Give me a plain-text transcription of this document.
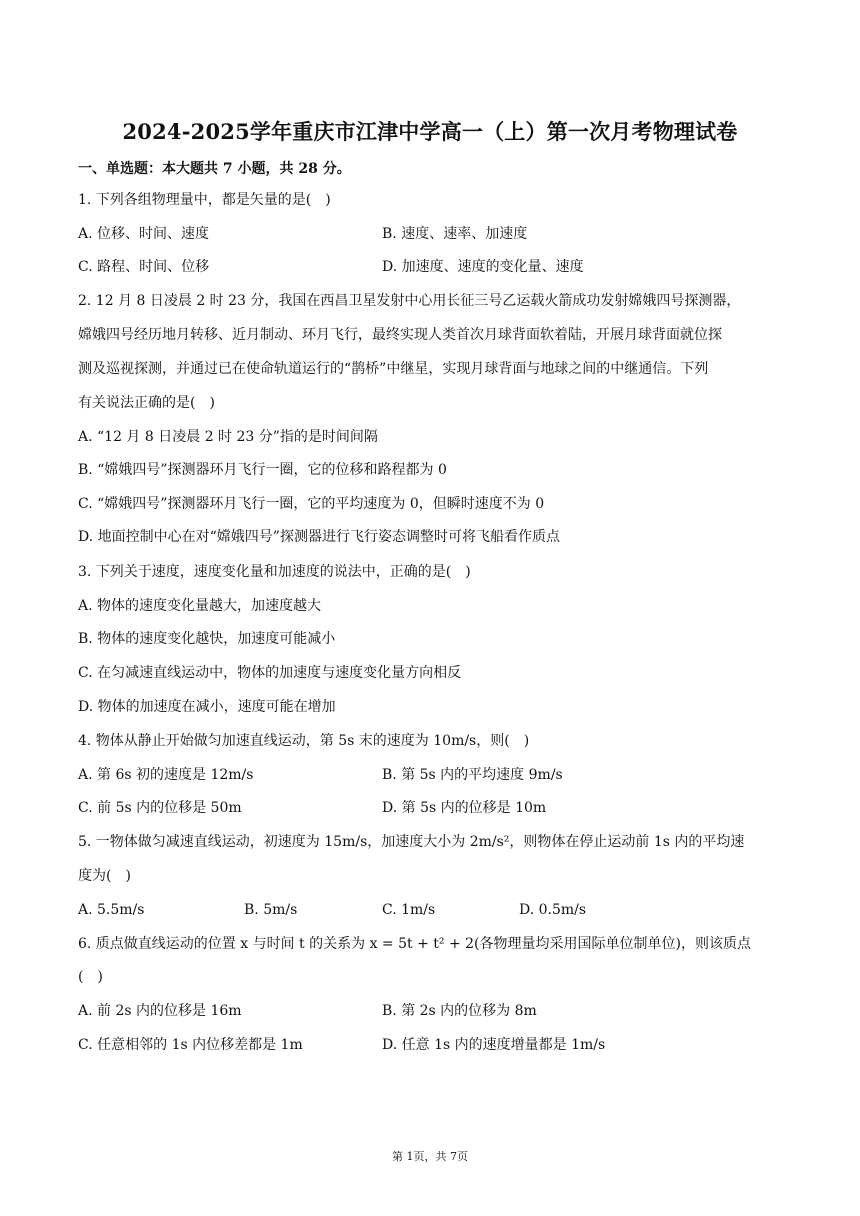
2024-2025学年重庆市江津中学高一（上）第一次月考物理试卷
一、单选题：本大题共 7 小题，共 28 分。
1. 下列各组物理量中，都是矢量的是(　)
A. 位移、时间、速度	B. 速度、速率、加速度
C. 路程、时间、位移	D. 加速度、速度的变化量、速度
2. 12 月 8 日凌晨 2 时 23 分，我国在西昌卫星发射中心用长征三号乙运载火箭成功发射嫦娥四号探测器，
嫦娥四号经历地月转移、近月制动、环月飞行，最终实现人类首次月球背面软着陆，开展月球背面就位探
测及巡视探测，并通过已在使命轨道运行的“鹊桥”中继星，实现月球背面与地球之间的中继通信。下列
有关说法正确的是(　)
A. “12 月 8 日凌晨 2 时 23 分”指的是时间间隔
B. “嫦娥四号”探测器环月飞行一圈，它的位移和路程都为 0
C. “嫦娥四号”探测器环月飞行一圈，它的平均速度为 0，但瞬时速度不为 0
D. 地面控制中心在对“嫦娥四号”探测器进行飞行姿态调整时可将飞船看作质点
3. 下列关于速度，速度变化量和加速度的说法中，正确的是(　)
A. 物体的速度变化量越大，加速度越大
B. 物体的速度变化越快，加速度可能减小
C. 在匀减速直线运动中，物体的加速度与速度变化量方向相反
D. 物体的加速度在减小，速度可能在增加
4. 物体从静止开始做匀加速直线运动，第 5s 末的速度为 10m/s，则(　)
A. 第 6s 初的速度是 12m/s	B. 第 5s 内的平均速度 9m/s
C. 前 5s 内的位移是 50m	D. 第 5s 内的位移是 10m
5. 一物体做匀减速直线运动，初速度为 15m/s，加速度大小为 2m/s²，则物体在停止运动前 1s 内的平均速
度为(　)
A. 5.5m/s	B. 5m/s	C. 1m/s	D. 0.5m/s
6. 质点做直线运动的位置 x 与时间 t 的关系为 x = 5t + t² + 2(各物理量均采用国际单位制单位)，则该质点
(　)
A. 前 2s 内的位移是 16m	B. 第 2s 内的位移为 8m
C. 任意相邻的 1s 内位移差都是 1m	D. 任意 1s 内的速度增量都是 1m/s
第 1页，共 7页
